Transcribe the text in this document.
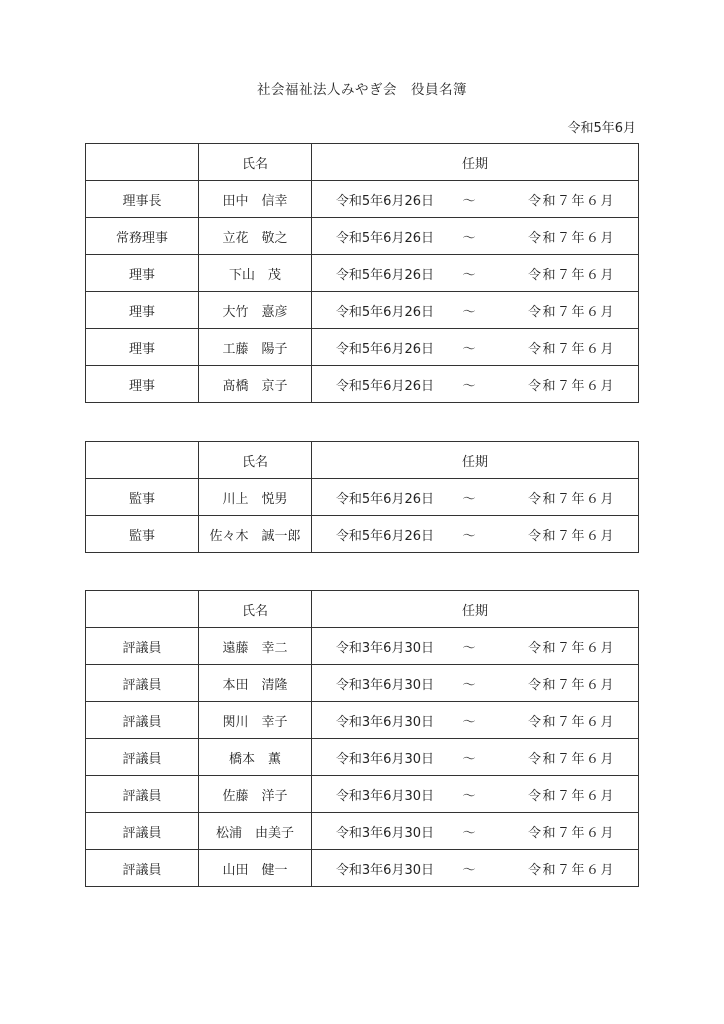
社会福祉法人みやぎ会　役員名簿
令和5年6月
	氏名	任期
理事長	田中　信幸	令和5年6月26日 ～ 令和７年６月

常務理事	立花　敬之	令和5年6月26日 ～ 令和７年６月

理事	下山　茂	令和5年6月26日 ～ 令和７年６月

理事	大竹　憙彦	令和5年6月26日 ～ 令和７年６月

理事	工藤　陽子	令和5年6月26日 ～ 令和７年６月

理事	髙橋　京子	令和5年6月26日 ～ 令和７年６月
	氏名	任期
監事	川上　悦男	令和5年6月26日 ～ 令和７年６月

監事	佐々木　誠一郎	令和5年6月26日 ～ 令和７年６月
	氏名	任期
評議員	遠藤　幸二	令和3年6月30日 ～ 令和７年６月

評議員	本田　清隆	令和3年6月30日 ～ 令和７年６月

評議員	関川　幸子	令和3年6月30日 ～ 令和７年６月

評議員	橋本　薫	令和3年6月30日 ～ 令和７年６月

評議員	佐藤　洋子	令和3年6月30日 ～ 令和７年６月

評議員	松浦　由美子	令和3年6月30日 ～ 令和７年６月

評議員	山田　健一	令和3年6月30日 ～ 令和７年６月
